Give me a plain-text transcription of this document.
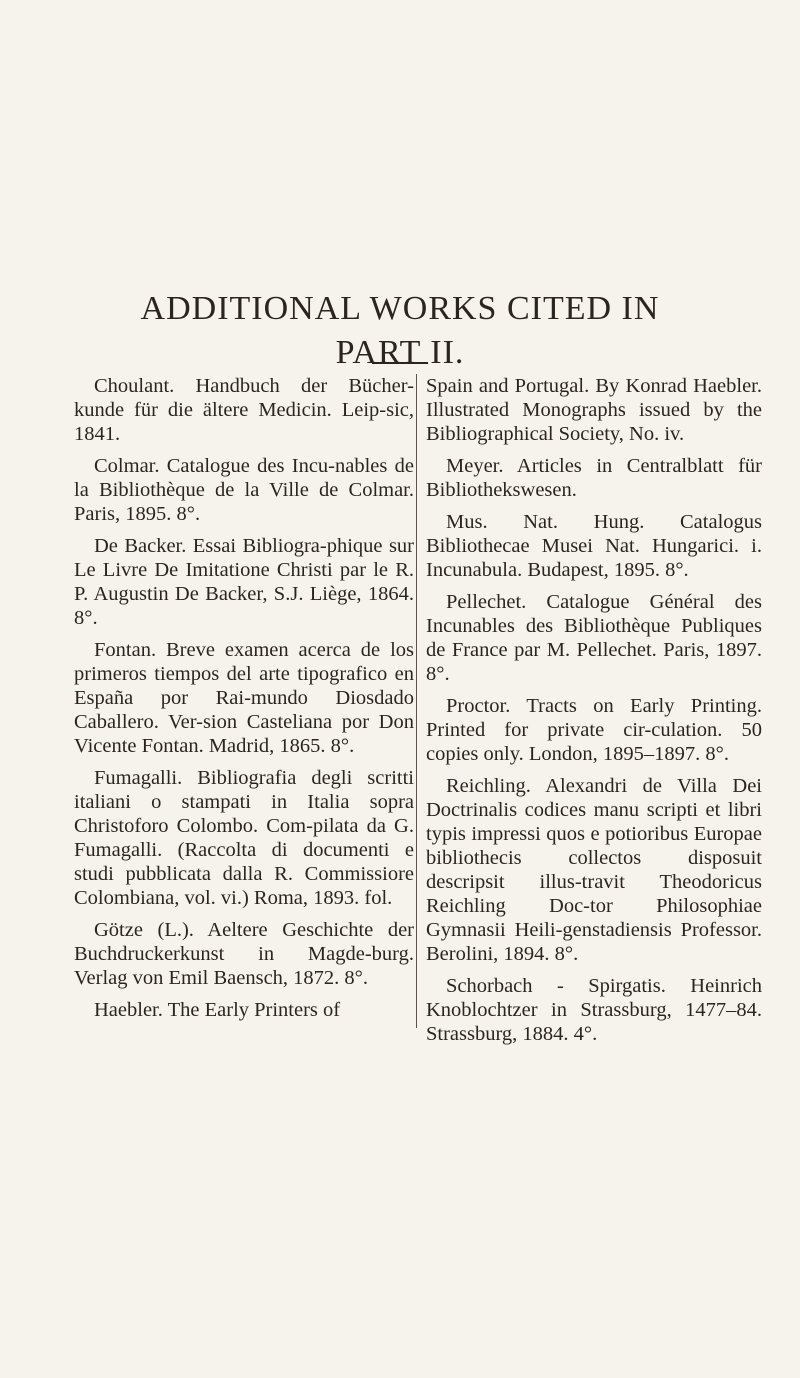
ADDITIONAL WORKS CITED IN
PART II.

Choulant. Handbuch der Bücher-kunde für die ältere Medicin. Leip-sic, 1841.

Colmar. Catalogue des Incu-nables de la Bibliothèque de la Ville de Colmar. Paris, 1895. 8°.

De Backer. Essai Bibliogra-phique sur Le Livre De Imitatione Christi par le R. P. Augustin De Backer, S.J. Liège, 1864. 8°.

Fontan. Breve examen acerca de los primeros tiempos del arte tipografico en España por Rai-mundo Diosdado Caballero. Ver-sion Casteliana por Don Vicente Fontan. Madrid, 1865. 8°.

Fumagalli. Bibliografia degli scritti italiani o stampati in Italia sopra Christoforo Colombo. Com-pilata da G. Fumagalli. (Raccolta di documenti e studi pubblicata dalla R. Commissiore Colombiana, vol. vi.) Roma, 1893. fol.

Götze (L.). Aeltere Geschichte der Buchdruckerkunst in Magde-burg. Verlag von Emil Baensch, 1872. 8°.

Haebler. The Early Printers of

Spain and Portugal. By Konrad Haebler. Illustrated Monographs issued by the Bibliographical Society, No. iv.

Meyer. Articles in Centralblatt für Bibliothekswesen.

Mus. Nat. Hung. Catalogus Bibliothecae Musei Nat. Hungarici. i. Incunabula. Budapest, 1895. 8°.

Pellechet. Catalogue Général des Incunables des Bibliothèque Publiques de France par M. Pellechet. Paris, 1897. 8°.

Proctor. Tracts on Early Printing. Printed for private cir-culation. 50 copies only. London, 1895–1897. 8°.

Reichling. Alexandri de Villa Dei Doctrinalis codices manu scripti et libri typis impressi quos e potioribus Europae bibliothecis collectos disposuit descripsit illus-travit Theodoricus Reichling Doc-tor Philosophiae Gymnasii Heili-genstadiensis Professor. Berolini, 1894. 8°.

Schorbach - Spirgatis. Heinrich Knoblochtzer in Strassburg, 1477–84. Strassburg, 1884. 4°.
